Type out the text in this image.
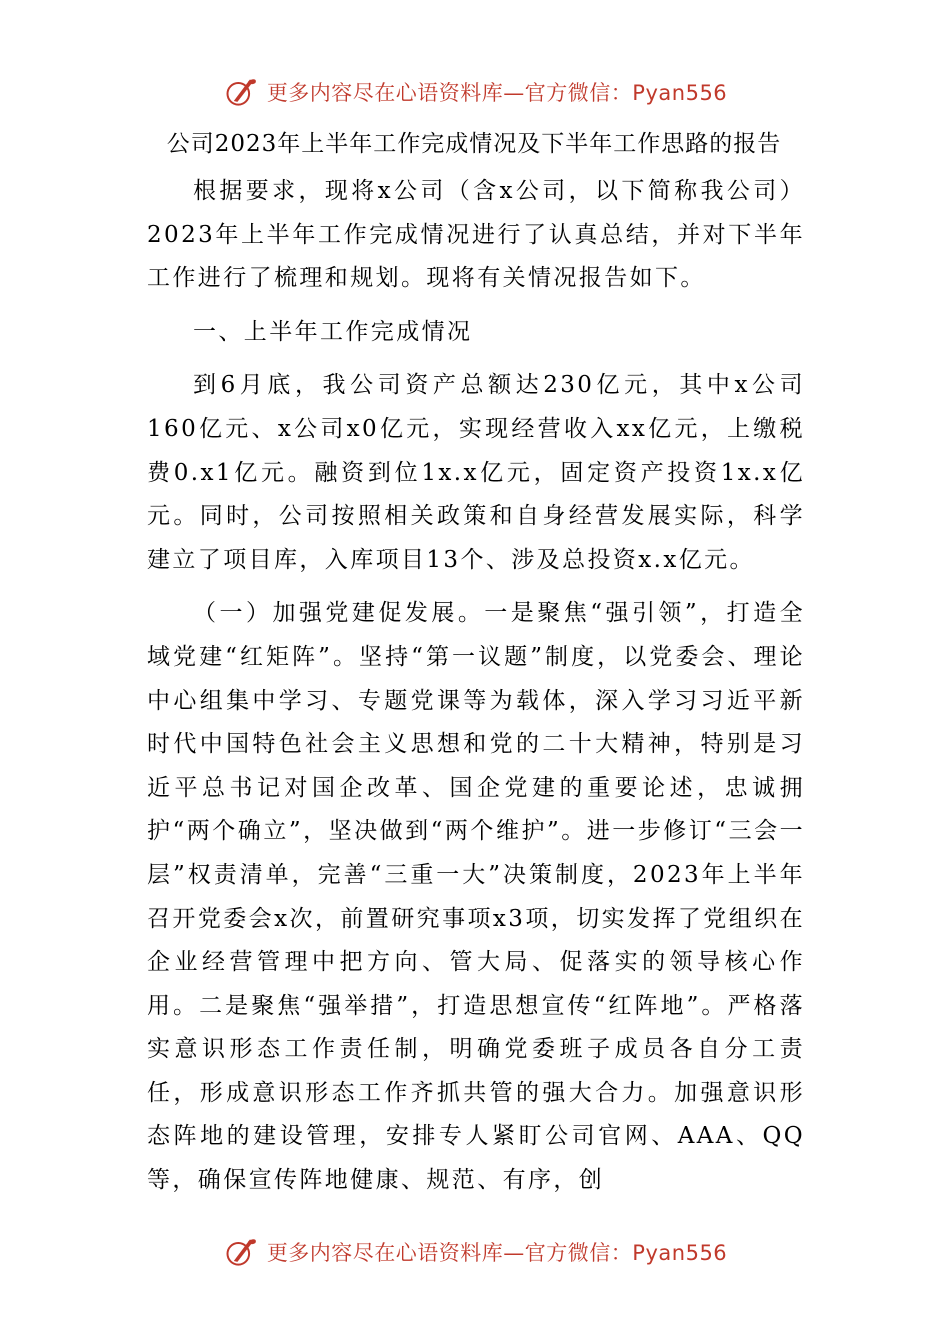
更多内容尽在心语资料库—官方微信：Pyan556
公司2023年上半年工作完成情况及下半年工作思路的报告

根据要求，现将x公司（含x公司，以下简称我公司）2023年上半年工作完成情况进行了认真总结，并对下半年工作进行了梳理和规划。现将有关情况报告如下。

一、上半年工作完成情况

到6月底，我公司资产总额达230亿元，其中x公司160亿元、x公司x0亿元，实现经营收入xx亿元，上缴税费0.x1亿元。融资到位1x.x亿元，固定资产投资1x.x亿元。同时，公司按照相关政策和自身经营发展实际，科学建立了项目库，入库项目13个、涉及总投资x.x亿元。

（一）加强党建促发展。一是聚焦“强引领”，打造全域党建“红矩阵”。坚持“第一议题”制度，以党委会、理论中心组集中学习、专题党课等为载体，深入学习习近平新时代中国特色社会主义思想和党的二十大精神，特别是习近平总书记对国企改革、国企党建的重要论述，忠诚拥护“两个确立”，坚决做到“两个维护”。进一步修订“三会一层”权责清单，完善“三重一大”决策制度，2023年上半年召开党委会x次，前置研究事项x3项，切实发挥了党组织在企业经营管理中把方向、管大局、促落实的领导核心作用。二是聚焦“强举措”，打造思想宣传“红阵地”。严格落实意识形态工作责任制，明确党委班子成员各自分工责任，形成意识形态工作齐抓共管的强大合力。加强意识形态阵地的建设管理，安排专人紧盯公司官网、AAA、QQ等，确保宣传阵地健康、规范、有序，创

更多内容尽在心语资料库—官方微信：Pyan556
